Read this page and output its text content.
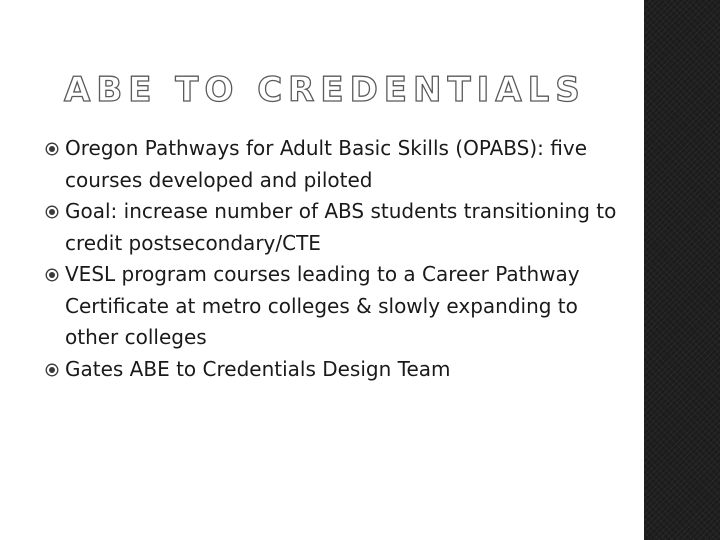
ABE TO CREDENTIALS
Oregon Pathways for Adult Basic Skills (OPABS): five courses developed and piloted
Goal: increase number of ABS students transitioning to credit postsecondary/CTE
VESL program courses leading to a Career Pathway Certificate at metro colleges & slowly expanding to other colleges
Gates ABE to Credentials Design Team
